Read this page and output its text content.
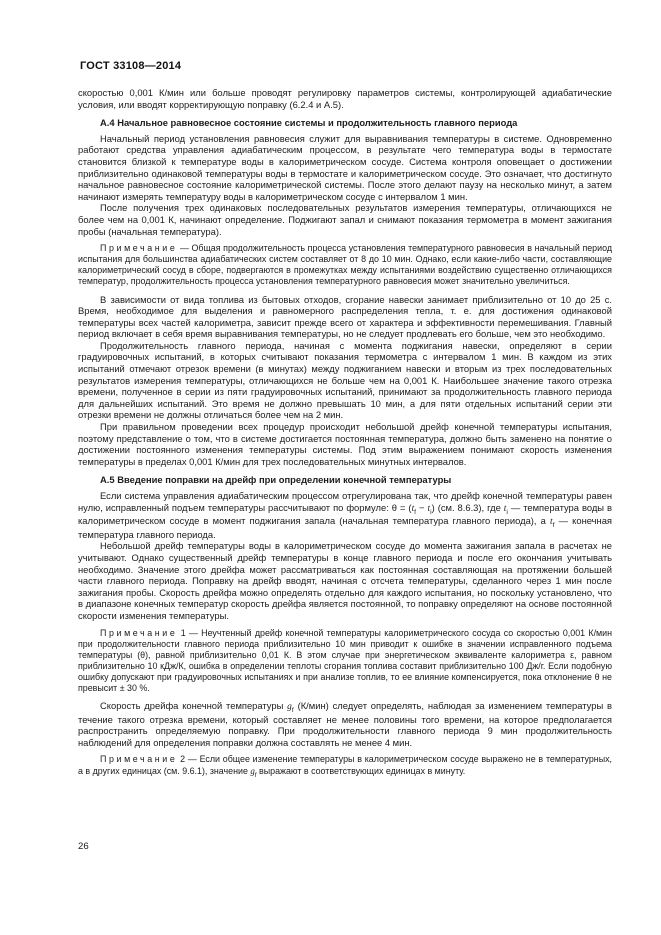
ГОСТ 33108—2014

скоростью 0,001 К/мин или больше проводят регулировку параметров системы, контролирующей адиабатические условия, или вводят корректирующую поправку (6.2.4 и А.5).

А.4 Начальное равновесное состояние системы и продолжительность главного периода

Начальный период установления равновесия служит для выравнивания температуры в системе. Одновременно работают средства управления адиабатическим процессом, в результате чего температура воды в термостате становится близкой к температуре воды в калориметрическом сосуде. Система контроля оповещает о достижении приблизительно одинаковой температуры воды в термостате и калориметрическом сосуде. Это означает, что достигнуто начальное равновесное состояние калориметрической системы. После этого делают паузу на несколько минут, а затем начинают измерять температуру воды в калориметрическом сосуде с интервалом 1 мин.

После получения трех одинаковых последовательных результатов измерения температуры, отличающихся не более чем на 0,001 К, начинают определение. Поджигают запал и снимают показания термометра в момент зажигания пробы (начальная температура).

Примечание — Общая продолжительность процесса установления температурного равновесия в начальный период испытания для большинства адиабатических систем составляет от 8 до 10 мин. Однако, если какие-либо части, составляющие калориметрический сосуд в сборе, подвергаются в промежутках между испытаниями воздействию существенно отличающихся температур, продолжительность процесса установления температурного равновесия может значительно увеличиться.

В зависимости от вида топлива из бытовых отходов, сгорание навески занимает приблизительно от 10 до 25 с. Время, необходимое для выделения и равномерного распределения тепла, т. е. для достижения одинаковой температуры всех частей калориметра, зависит прежде всего от характера и эффективности перемешивания. Главный период включает в себя время выравнивания температуры, но не следует продлевать его больше, чем это необходимо.

Продолжительность главного периода, начиная с момента поджигания навески, определяют в серии градуировочных испытаний, в которых считывают показания термометра с интервалом 1 мин. В каждом из этих испытаний отмечают отрезок времени (в минутах) между поджиганием навески и вторым из трех последовательных результатов измерения температуры, отличающихся не больше чем на 0,001 К. Наибольшее значение такого отрезка времени, полученное в серии из пяти градуировочных испытаний, принимают за продолжительность главного периода для дальнейших испытаний. Это время не должно превышать 10 мин, а для пяти отдельных испытаний серии эти отрезки времени не должны отличаться более чем на 2 мин.

При правильном проведении всех процедур происходит небольшой дрейф конечной температуры испытания, поэтому представление о том, что в системе достигается постоянная температура, должно быть заменено на понятие о достижении постоянного изменения температуры системы. Под этим выражением понимают скорость изменения температуры в пределах 0,001 К/мин для трех последовательных минутных интервалов.

А.5 Введение поправки на дрейф при определении конечной температуры

Если система управления адиабатическим процессом отрегулирована так, что дрейф конечной температуры равен нулю, исправленный подъем температуры рассчитывают по формуле: $\theta = (t_f - t_i)$ (см. 8.6.3), где $t_i$ — температура воды в калориметрическом сосуде в момент поджигания запала (начальная температура главного периода), а $t_f$ — конечная температура главного периода.

Небольшой дрейф температуры воды в калориметрическом сосуде до момента зажигания запала в расчетах не учитывают. Однако существенный дрейф температуры в конце главного периода и после его окончания учитывать необходимо. Значение этого дрейфа может рассматриваться как постоянная составляющая на протяжении большей части главного периода. Поправку на дрейф вводят, начиная с отсчета температуры, сделанного через 1 мин после зажигания пробы. Скорость дрейфа можно определять отдельно для каждого испытания, но поскольку установлено, что в диапазоне конечных температур скорость дрейфа является постоянной, то поправку определяют на основе постоянной скорости изменения температуры.

Примечание 1 — Неучтенный дрейф конечной температуры калориметрического сосуда со скоростью 0,001 К/мин при продолжительности главного периода приблизительно 10 мин приводит к ошибке в значении исправленного подъема температуры (θ), равной приблизительно 0,01 К. В этом случае при энергетическом эквиваленте калориметра ε, равном приблизительно 10 кДж/К, ошибка в определении теплоты сгорания топлива составит приблизительно 100 Дж/г. Если подобную ошибку допускают при градуировочных испытаниях и при анализе топлив, то ее влияние компенсируется, пока отклонение θ не превысит ± 30 %.

Скорость дрейфа конечной температуры $g_f$ (К/мин) следует определять, наблюдая за изменением температуры в течение такого отрезка времени, который составляет не менее половины того времени, на которое предполагается распространить определяемую поправку. При продолжительности главного периода 9 мин продолжительность наблюдений для определения поправки должна составлять не менее 4 мин.

Примечание 2 — Если общее изменение температуры в калориметрическом сосуде выражено не в температурных, а в других единицах (см. 9.6.1), значение $g_f$ выражают в соответствующих единицах в минуту.

26
